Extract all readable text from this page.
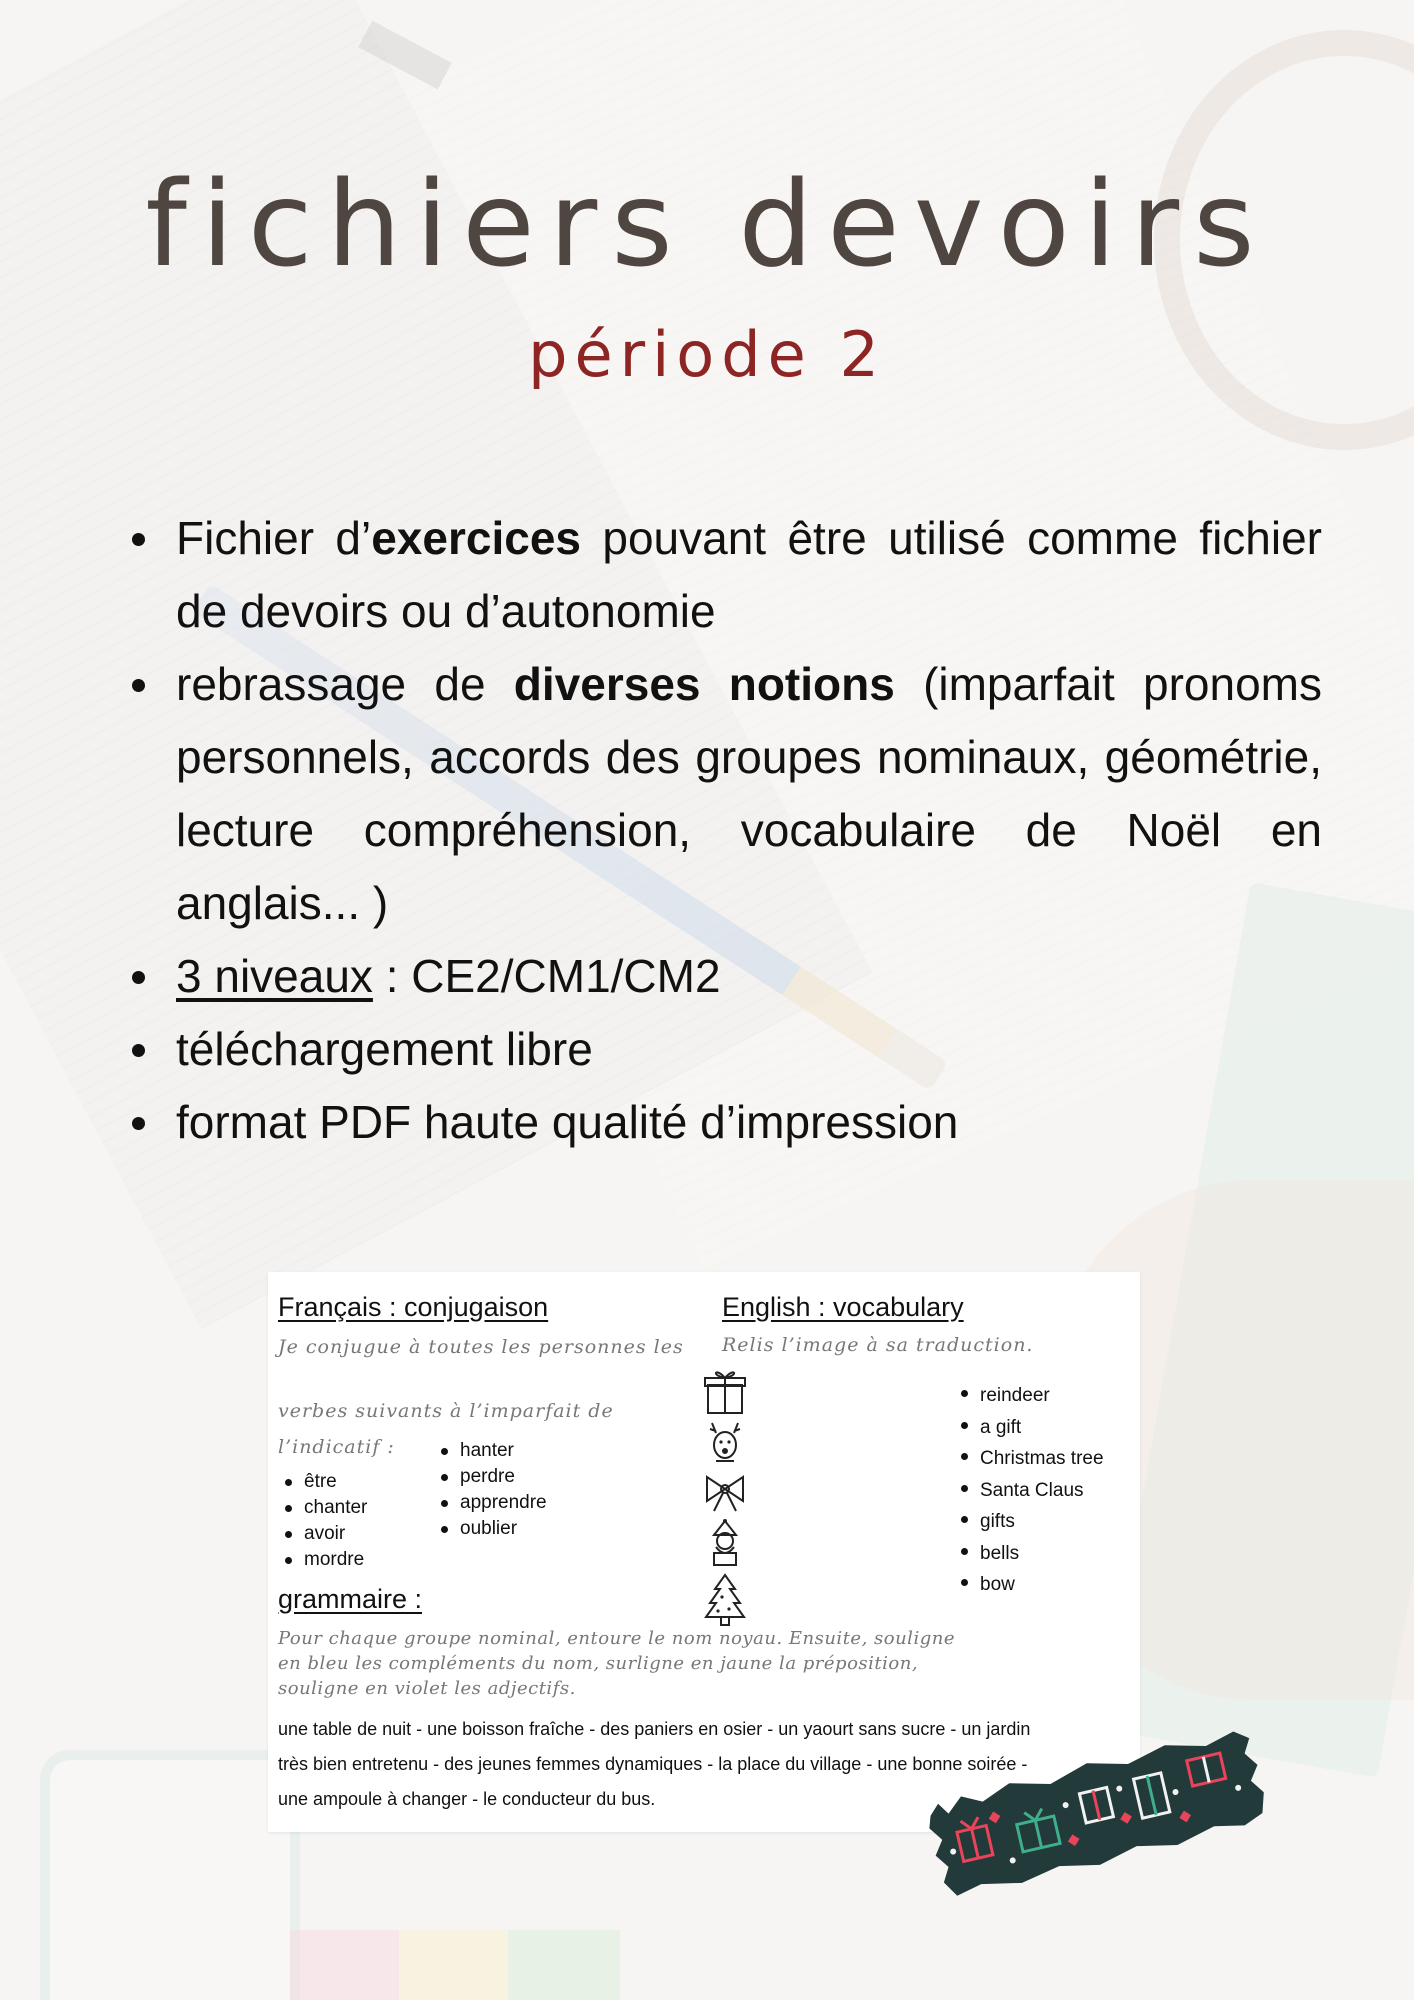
fichiers devoirs
période 2
Fichier d’exercices pouvant être utilisé comme fichier de devoirs ou d’autonomie
rebrassage de diverses notions (imparfait pronoms personnels, accords des groupes nominaux, géométrie, lecture compréhension, vocabulaire de Noël en anglais... )
3 niveaux : CE2/CM1/CM2
téléchargement libre
format PDF haute qualité d’impression
Français : conjugaison
Je conjugue à toutes les personnes les
verbes suivants à l’imparfait de
l’indicatif :
être
chanter
avoir
mordre
hanter
perdre
apprendre
oublier
English : vocabulary
Relis l’image à sa traduction.
reindeer
a gift
Christmas tree
Santa Claus
gifts
bells
bow
grammaire :
Pour chaque groupe nominal, entoure le nom noyau. Ensuite, souligne
en bleu les compléments du nom, surligne en jaune la préposition,
souligne en violet les adjectifs.
une table de nuit - une boisson fraîche - des paniers en osier - un yaourt sans sucre - un jardin
très bien entretenu - des jeunes femmes dynamiques - la place du village - une bonne soirée -
une ampoule à changer - le conducteur du bus.
